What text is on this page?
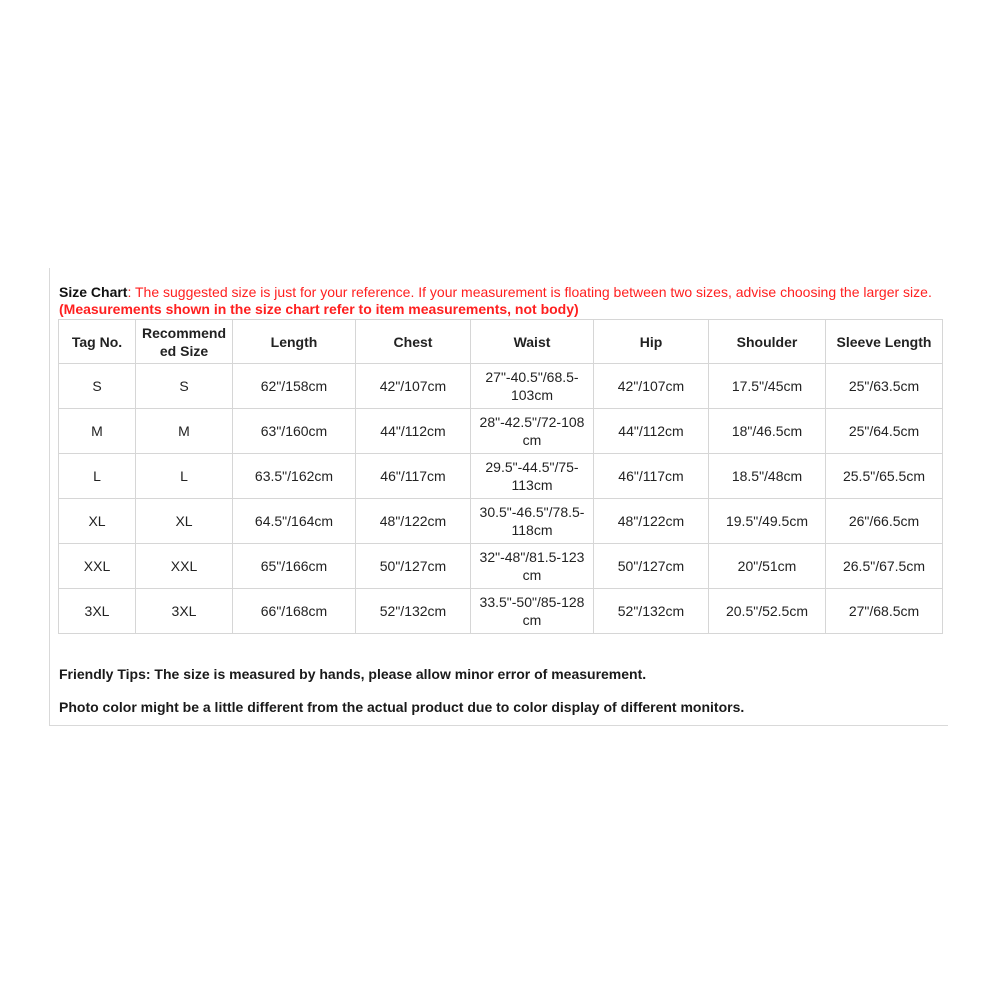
Size Chart: The suggested size is just for your reference. If your measurement is floating between two sizes, advise choosing the larger size. (Measurements shown in the size chart refer to item measurements, not body)
Tag No.	Recommend ed Size	Length	Chest	Waist	Hip	Shoulder	Sleeve Length
S	S	62"/158cm	42"/107cm	27"-40.5"/68.5-103cm	42"/107cm	17.5"/45cm	25"/63.5cm
M	M	63"/160cm	44"/112cm	28"-42.5"/72-108 cm	44"/112cm	18"/46.5cm	25"/64.5cm
L	L	63.5"/162cm	46"/117cm	29.5"-44.5"/75-113cm	46"/117cm	18.5"/48cm	25.5"/65.5cm
XL	XL	64.5"/164cm	48"/122cm	30.5"-46.5"/78.5-118cm	48"/122cm	19.5"/49.5cm	26"/66.5cm
XXL	XXL	65"/166cm	50"/127cm	32"-48"/81.5-123 cm	50"/127cm	20"/51cm	26.5"/67.5cm
3XL	3XL	66"/168cm	52"/132cm	33.5"-50"/85-128 cm	52"/132cm	20.5"/52.5cm	27"/68.5cm
Friendly Tips: The size is measured by hands, please allow minor error of measurement.
Photo color might be a little different from the actual product due to color display of different monitors.
